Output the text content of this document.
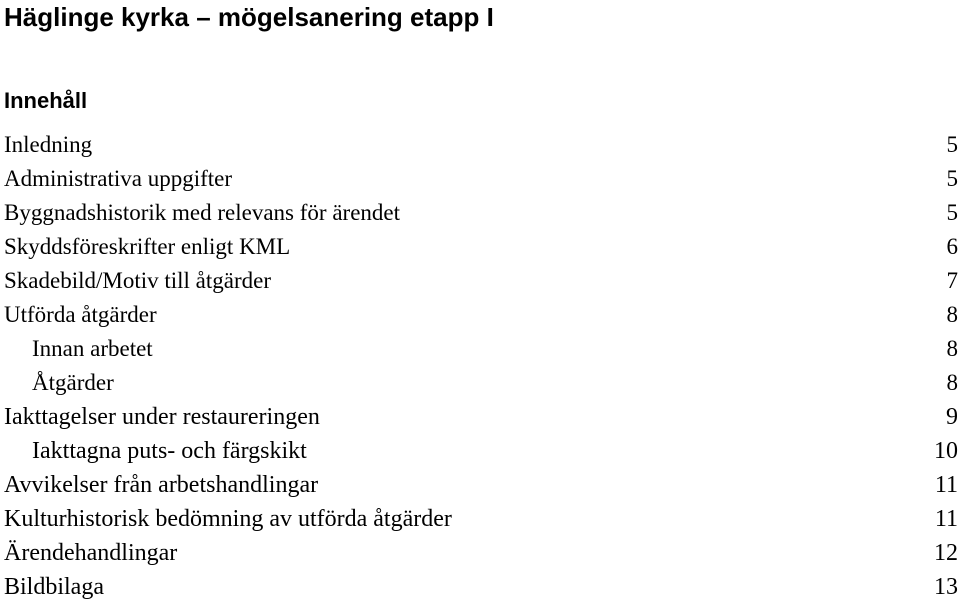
Häglinge kyrka – mögelsanering etapp I
Innehåll
Inledning	5
Administrativa uppgifter	5
Byggnadshistorik med relevans för ärendet	5
Skyddsföreskrifter enligt KML	6
Skadebild/Motiv till åtgärder	7
Utförda åtgärder	8
Innan arbetet	8
Åtgärder	8
Iakttagelser under restaureringen	9
Iakttagna puts- och färgskikt	10
Avvikelser från arbetshandlingar	11
Kulturhistorisk bedömning av utförda åtgärder	11
Ärendehandlingar	12
Bildbilaga	13
